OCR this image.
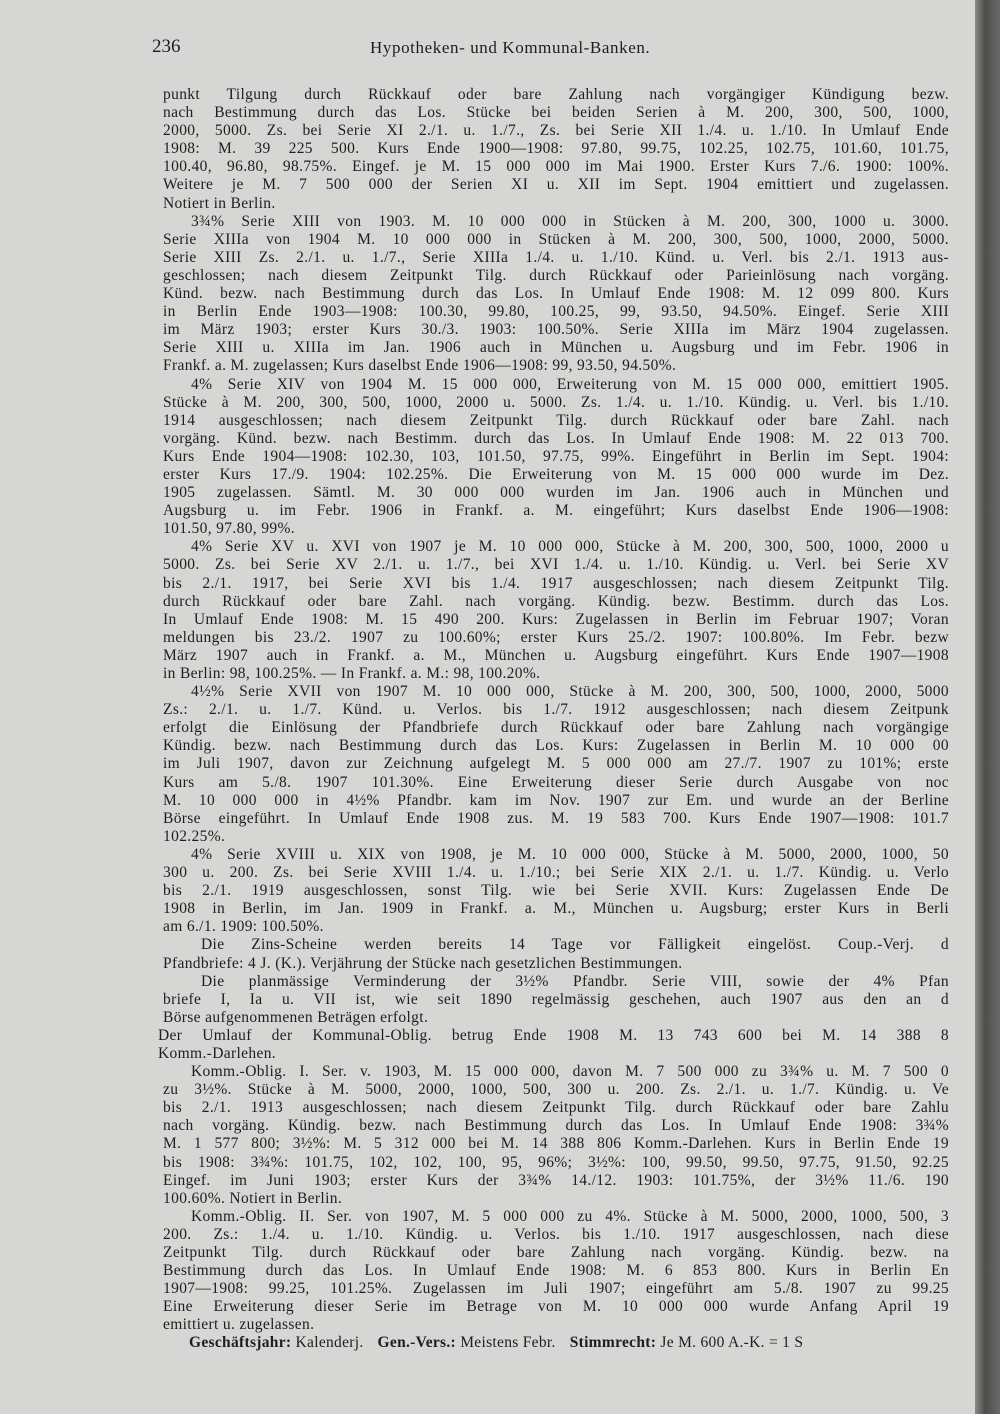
236	Hypotheken- und Kommunal-Banken.
punkt Tilgung durch Rückkauf oder bare Zahlung nach vorgängiger Kündigung bezw.
nach Bestimmung durch das Los. Stücke bei beiden Serien à M. 200, 300, 500, 1000,
2000, 5000. Zs. bei Serie XI 2./1. u. 1./7., Zs. bei Serie XII 1./4. u. 1./10. In Umlauf Ende
1908: M. 39 225 500. Kurs Ende 1900—1908: 97.80, 99.75, 102.25, 102.75, 101.60, 101.75,
100.40, 96.80, 98.75%. Eingef. je M. 15 000 000 im Mai 1900. Erster Kurs 7./6. 1900: 100%.
Weitere je M. 7 500 000 der Serien XI u. XII im Sept. 1904 emittiert und zugelassen.
Notiert in Berlin.
3¾% Serie XIII von 1903. M. 10 000 000 in Stücken à M. 200, 300, 1000 u. 3000.
Serie XIIIa von 1904 M. 10 000 000 in Stücken à M. 200, 300, 500, 1000, 2000, 5000.
Serie XIII Zs. 2./1. u. 1./7., Serie XIIIa 1./4. u. 1./10. Künd. u. Verl. bis 2./1. 1913 aus-
geschlossen; nach diesem Zeitpunkt Tilg. durch Rückkauf oder Parieinlösung nach vorgäng.
Künd. bezw. nach Bestimmung durch das Los. In Umlauf Ende 1908: M. 12 099 800. Kurs
in Berlin Ende 1903—1908: 100.30, 99.80, 100.25, 99, 93.50, 94.50%. Eingef. Serie XIII
im März 1903; erster Kurs 30./3. 1903: 100.50%. Serie XIIIa im März 1904 zugelassen.
Serie XIII u. XIIIa im Jan. 1906 auch in München u. Augsburg und im Febr. 1906 in
Frankf. a. M. zugelassen; Kurs daselbst Ende 1906—1908: 99, 93.50, 94.50%.
4% Serie XIV von 1904 M. 15 000 000, Erweiterung von M. 15 000 000, emittiert 1905.
Stücke à M. 200, 300, 500, 1000, 2000 u. 5000. Zs. 1./4. u. 1./10. Kündig. u. Verl. bis 1./10.
1914 ausgeschlossen; nach diesem Zeitpunkt Tilg. durch Rückkauf oder bare Zahl. nach
vorgäng. Künd. bezw. nach Bestimm. durch das Los. In Umlauf Ende 1908: M. 22 013 700.
Kurs Ende 1904—1908: 102.30, 103, 101.50, 97.75, 99%. Eingeführt in Berlin im Sept. 1904:
erster Kurs 17./9. 1904: 102.25%. Die Erweiterung von M. 15 000 000 wurde im Dez.
1905 zugelassen. Sämtl. M. 30 000 000 wurden im Jan. 1906 auch in München und
Augsburg u. im Febr. 1906 in Frankf. a. M. eingeführt; Kurs daselbst Ende 1906—1908:
101.50, 97.80, 99%.
4% Serie XV u. XVI von 1907 je M. 10 000 000, Stücke à M. 200, 300, 500, 1000, 2000 u
5000. Zs. bei Serie XV 2./1. u. 1./7., bei XVI 1./4. u. 1./10. Kündig. u. Verl. bei Serie XV
bis 2./1. 1917, bei Serie XVI bis 1./4. 1917 ausgeschlossen; nach diesem Zeitpunkt Tilg.
durch Rückkauf oder bare Zahl. nach vorgäng. Kündig. bezw. Bestimm. durch das Los.
In Umlauf Ende 1908: M. 15 490 200. Kurs: Zugelassen in Berlin im Februar 1907; Voran
meldungen bis 23./2. 1907 zu 100.60%; erster Kurs 25./2. 1907: 100.80%. Im Febr. bezw
März 1907 auch in Frankf. a. M., München u. Augsburg eingeführt. Kurs Ende 1907—1908
in Berlin: 98, 100.25%. — In Frankf. a. M.: 98, 100.20%.
4½% Serie XVII von 1907 M. 10 000 000, Stücke à M. 200, 300, 500, 1000, 2000, 5000
Zs.: 2./1. u. 1./7. Künd. u. Verlos. bis 1./7. 1912 ausgeschlossen; nach diesem Zeitpunk
erfolgt die Einlösung der Pfandbriefe durch Rückkauf oder bare Zahlung nach vorgängige
Kündig. bezw. nach Bestimmung durch das Los. Kurs: Zugelassen in Berlin M. 10 000 00
im Juli 1907, davon zur Zeichnung aufgelegt M. 5 000 000 am 27./7. 1907 zu 101%; erste
Kurs am 5./8. 1907 101.30%. Eine Erweiterung dieser Serie durch Ausgabe von noc
M. 10 000 000 in 4½% Pfandbr. kam im Nov. 1907 zur Em. und wurde an der Berline
Börse eingeführt. In Umlauf Ende 1908 zus. M. 19 583 700. Kurs Ende 1907—1908: 101.7
102.25%.
4% Serie XVIII u. XIX von 1908, je M. 10 000 000, Stücke à M. 5000, 2000, 1000, 50
300 u. 200. Zs. bei Serie XVIII 1./4. u. 1./10.; bei Serie XIX 2./1. u. 1./7. Kündig. u. Verlo
bis 2./1. 1919 ausgeschlossen, sonst Tilg. wie bei Serie XVII. Kurs: Zugelassen Ende De
1908 in Berlin, im Jan. 1909 in Frankf. a. M., München u. Augsburg; erster Kurs in Berli
am 6./1. 1909: 100.50%.
Die Zins-Scheine werden bereits 14 Tage vor Fälligkeit eingelöst. Coup.-Verj. d
Pfandbriefe: 4 J. (K.). Verjährung der Stücke nach gesetzlichen Bestimmungen.
Die planmässige Verminderung der 3½% Pfandbr. Serie VIII, sowie der 4% Pfan
briefe I, Ia u. VII ist, wie seit 1890 regelmässig geschehen, auch 1907 aus den an d
Börse aufgenommenen Beträgen erfolgt.
Der Umlauf der Kommunal-Oblig. betrug Ende 1908 M. 13 743 600 bei M. 14 388 8
Komm.-Darlehen.
Komm.-Oblig. I. Ser. v. 1903, M. 15 000 000, davon M. 7 500 000 zu 3¾% u. M. 7 500 0
zu 3½%. Stücke à M. 5000, 2000, 1000, 500, 300 u. 200. Zs. 2./1. u. 1./7. Kündig. u. Ve
bis 2./1. 1913 ausgeschlossen; nach diesem Zeitpunkt Tilg. durch Rückkauf oder bare Zahlu
nach vorgäng. Kündig. bezw. nach Bestimmung durch das Los. In Umlauf Ende 1908: 3¾%
M. 1 577 800; 3½%: M. 5 312 000 bei M. 14 388 806 Komm.-Darlehen. Kurs in Berlin Ende 19
bis 1908: 3¾%: 101.75, 102, 102, 100, 95, 96%; 3½%: 100, 99.50, 99.50, 97.75, 91.50, 92.25
Eingef. im Juni 1903; erster Kurs der 3¾% 14./12. 1903: 101.75%, der 3½% 11./6. 190
100.60%. Notiert in Berlin.
Komm.-Oblig. II. Ser. von 1907, M. 5 000 000 zu 4%. Stücke à M. 5000, 2000, 1000, 500, 3
200. Zs.: 1./4. u. 1./10. Kündig. u. Verlos. bis 1./10. 1917 ausgeschlossen, nach diese
Zeitpunkt Tilg. durch Rückkauf oder bare Zahlung nach vorgäng. Kündig. bezw. na
Bestimmung durch das Los. In Umlauf Ende 1908: M. 6 853 800. Kurs in Berlin En
1907—1908: 99.25, 101.25%. Zugelassen im Juli 1907; eingeführt am 5./8. 1907 zu 99.25
Eine Erweiterung dieser Serie im Betrage von M. 10 000 000 wurde Anfang April 19
emittiert u. zugelassen.
Geschäftsjahr: Kalenderj. Gen.-Vers.: Meistens Febr. Stimmrecht: Je M. 600 A.-K. = 1 S
